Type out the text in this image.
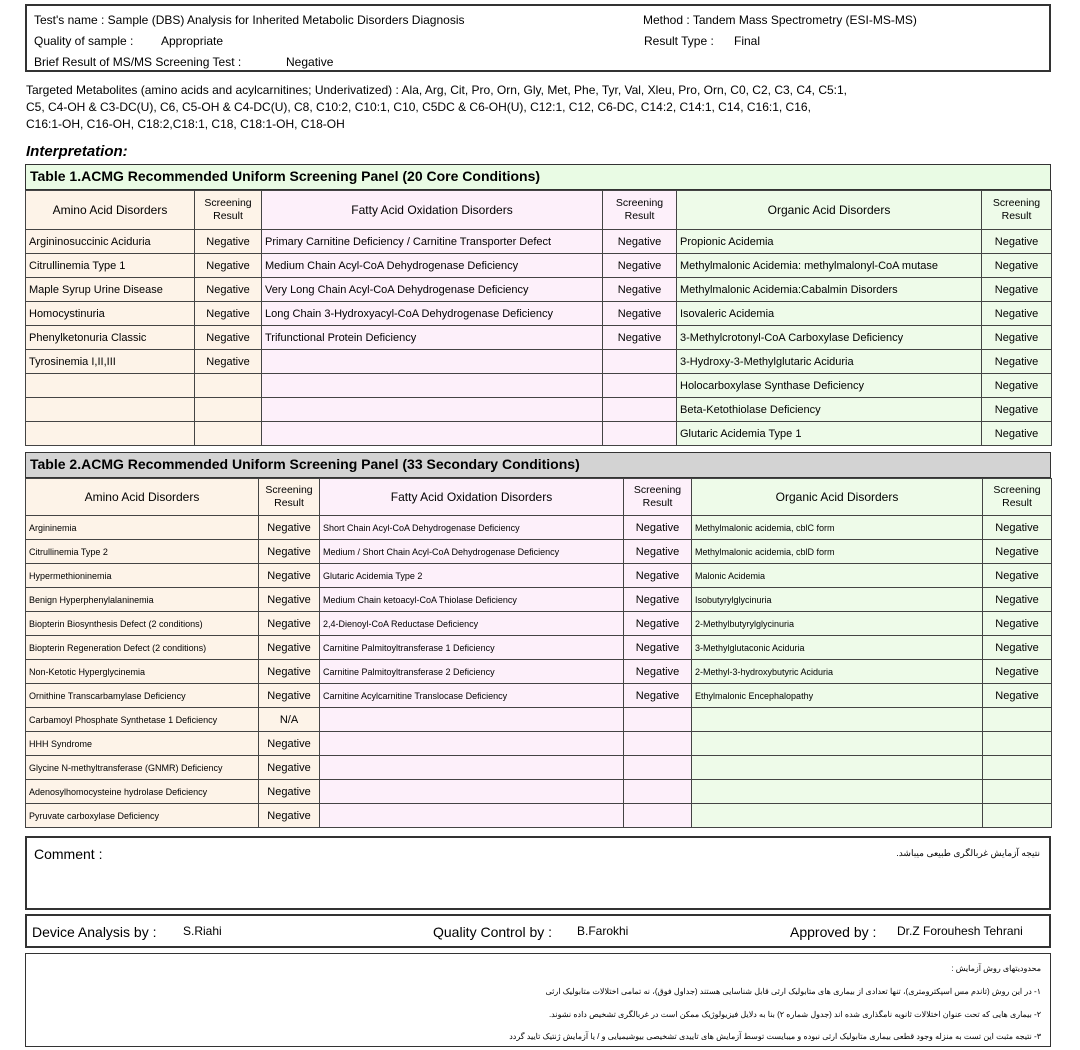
Test's name : Sample (DBS) Analysis for Inherited Metabolic Disorders Diagnosis	Method : Tandem Mass Spectrometry (ESI-MS-MS)
Quality of sample : Appropriate	Result Type : Final
Brief Result of MS/MS Screening Test :	Negative
Targeted Metabolites (amino acids and acylcarnitines; Underivatized) : Ala, Arg, Cit, Pro, Orn, Gly, Met, Phe, Tyr, Val, Xleu, Pro, Orn, C0, C2, C3, C4, C5:1,
C5, C4-OH & C3-DC(U), C6, C5-OH & C4-DC(U), C8, C10:2, C10:1, C10, C5DC & C6-OH(U), C12:1, C12, C6-DC, C14:2, C14:1, C14, C16:1, C16,
C16:1-OH, C16-OH, C18:2,C18:1, C18, C18:1-OH, C18-OH
Interpretation:
Table 1.ACMG Recommended Uniform Screening Panel (20 Core Conditions)
Amino Acid Disorders	Screening Result	Fatty Acid Oxidation Disorders	Screening Result	Organic Acid Disorders	Screening Result
Argininosuccinic Aciduria	Negative	Primary Carnitine Deficiency / Carnitine Transporter Defect	Negative	Propionic Acidemia	Negative
Citrullinemia Type 1	Negative	Medium Chain Acyl-CoA Dehydrogenase Deficiency	Negative	Methylmalonic Acidemia: methylmalonyl-CoA mutase	Negative
Maple Syrup Urine Disease	Negative	Very Long Chain Acyl-CoA Dehydrogenase Deficiency	Negative	Methylmalonic Acidemia:Cabalmin Disorders	Negative
Homocystinuria	Negative	Long Chain 3-Hydroxyacyl-CoA Dehydrogenase Deficiency	Negative	Isovaleric Acidemia	Negative
Phenylketonuria Classic	Negative	Trifunctional Protein Deficiency	Negative	3-Methylcrotonyl-CoA Carboxylase Deficiency	Negative
Tyrosinemia I,II,III	Negative			3-Hydroxy-3-Methylglutaric Aciduria	Negative
				Holocarboxylase Synthase Deficiency	Negative
				Beta-Ketothiolase Deficiency	Negative
				Glutaric Acidemia Type 1	Negative
Table 2.ACMG Recommended Uniform Screening Panel (33 Secondary Conditions)
Amino Acid Disorders	Screening Result	Fatty Acid Oxidation Disorders	Screening Result	Organic Acid Disorders	Screening Result
Argininemia	Negative	Short Chain Acyl-CoA Dehydrogenase Deficiency	Negative	Methylmalonic acidemia, cblC form	Negative
Citrullinemia Type 2	Negative	Medium / Short Chain Acyl-CoA Dehydrogenase Deficiency	Negative	Methylmalonic acidemia, cblD form	Negative
Hypermethioninemia	Negative	Glutaric Acidemia Type 2	Negative	Malonic Acidemia	Negative
Benign Hyperphenylalaninemia	Negative	Medium Chain ketoacyl-CoA Thiolase Deficiency	Negative	Isobutyrylglycinuria	Negative
Biopterin Biosynthesis Defect (2 conditions)	Negative	2,4-Dienoyl-CoA Reductase Deficiency	Negative	2-Methylbutyrylglycinuria	Negative
Biopterin Regeneration Defect (2 conditions)	Negative	Carnitine Palmitoyltransferase 1 Deficiency	Negative	3-Methylglutaconic Aciduria	Negative
Non-Ketotic Hyperglycinemia	Negative	Carnitine Palmitoyltransferase 2 Deficiency	Negative	2-Methyl-3-hydroxybutyric Aciduria	Negative
Ornithine Transcarbamylase Deficiency	Negative	Carnitine Acylcarnitine Translocase Deficiency	Negative	Ethylmalonic Encephalopathy	Negative
Carbamoyl Phosphate Synthetase 1 Deficiency	N/A				
HHH Syndrome	Negative				
Glycine N-methyltransferase (GNMR) Deficiency	Negative				
Adenosylhomocysteine hydrolase Deficiency	Negative				
Pyruvate carboxylase Deficiency	Negative				
Comment :	نتیجه آزمایش غربالگری طبیعی میباشد.
Device Analysis by : S.Riahi	Quality Control by : B.Farokhi	Approved by : Dr.Z Forouhesh Tehrani
محدودیتهای روش آزمایش :
۱- در این روش (تاندم مس اسپکترومتری)، تنها تعدادی از بیماری های متابولیک ارثی قابل شناسایی هستند (جداول فوق)، نه تمامی اختلالات متابولیک ارثی
۲- بیماری هایی که تحت عنوان اختلالات ثانویه نامگذاری شده اند (جدول شماره ۲) بنا به دلایل فیزیولوژیک ممکن است در غربالگری تشخیص داده نشوند.
۳- نتیجه مثبت این تست به منزله وجود قطعی بیماری متابولیک ارثی نبوده و میبایست توسط آزمایش های تاییدی تشخیصی بیوشیمیایی و / یا آزمایش ژنتیک تایید گردد
